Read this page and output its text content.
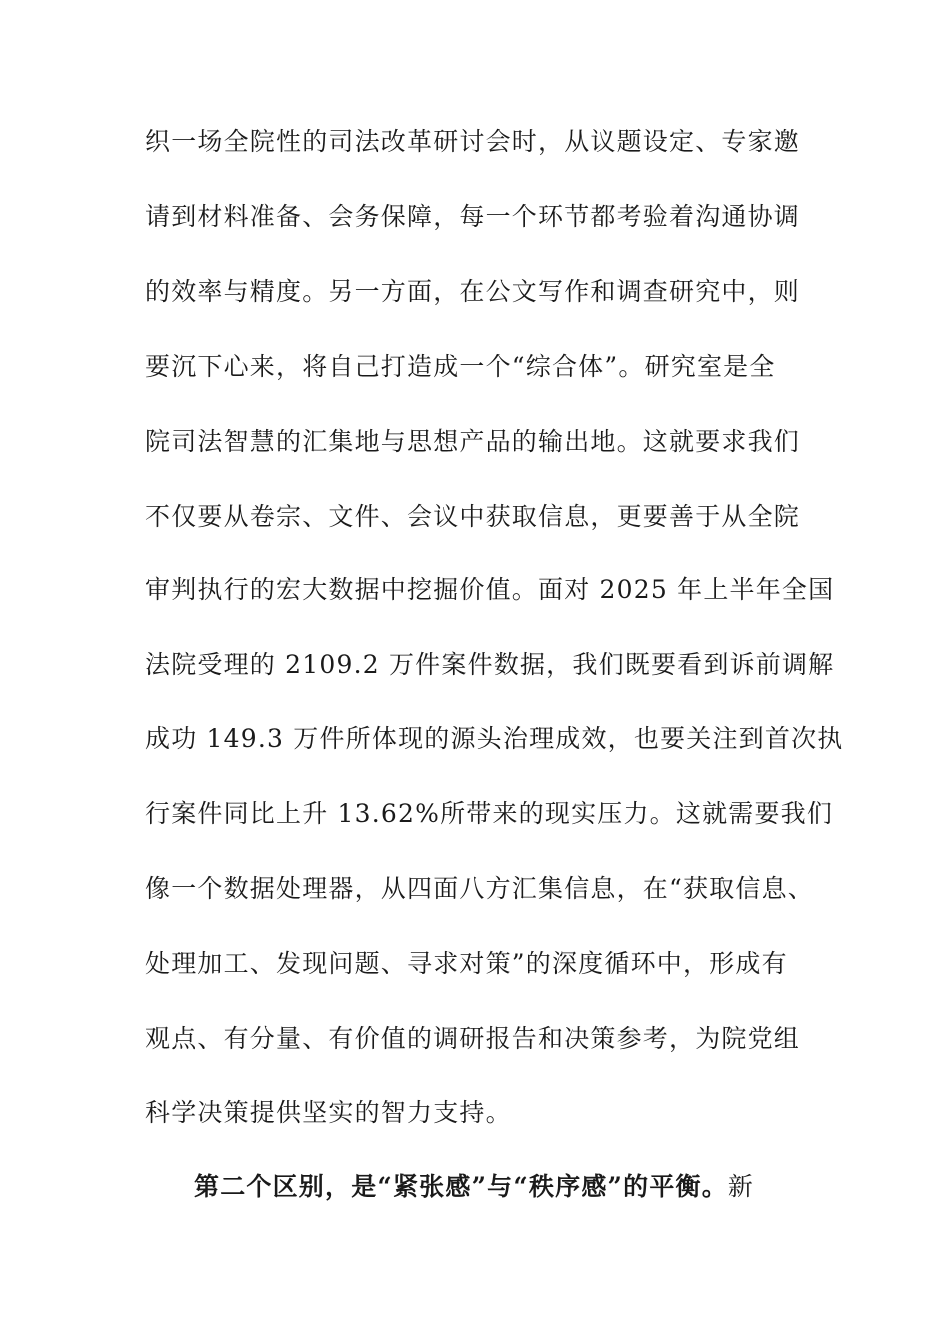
织一场全院性的司法改革研讨会时，从议题设定、专家邀
请到材料准备、会务保障，每一个环节都考验着沟通协调
的效率与精度。另一方面，在公文写作和调查研究中，则
要沉下心来，将自己打造成一个“综合体”。研究室是全
院司法智慧的汇集地与思想产品的输出地。这就要求我们
不仅要从卷宗、文件、会议中获取信息，更要善于从全院
审判执行的宏大数据中挖掘价值。面对 2025 年上半年全国
法院受理的 2109.2 万件案件数据，我们既要看到诉前调解
成功 149.3 万件所体现的源头治理成效，也要关注到首次执
行案件同比上升 13.62%所带来的现实压力。这就需要我们
像一个数据处理器，从四面八方汇集信息，在“获取信息、
处理加工、发现问题、寻求对策”的深度循环中，形成有
观点、有分量、有价值的调研报告和决策参考，为院党组
科学决策提供坚实的智力支持。
第二个区别，是“紧张感”与“秩序感”的平衡。新
